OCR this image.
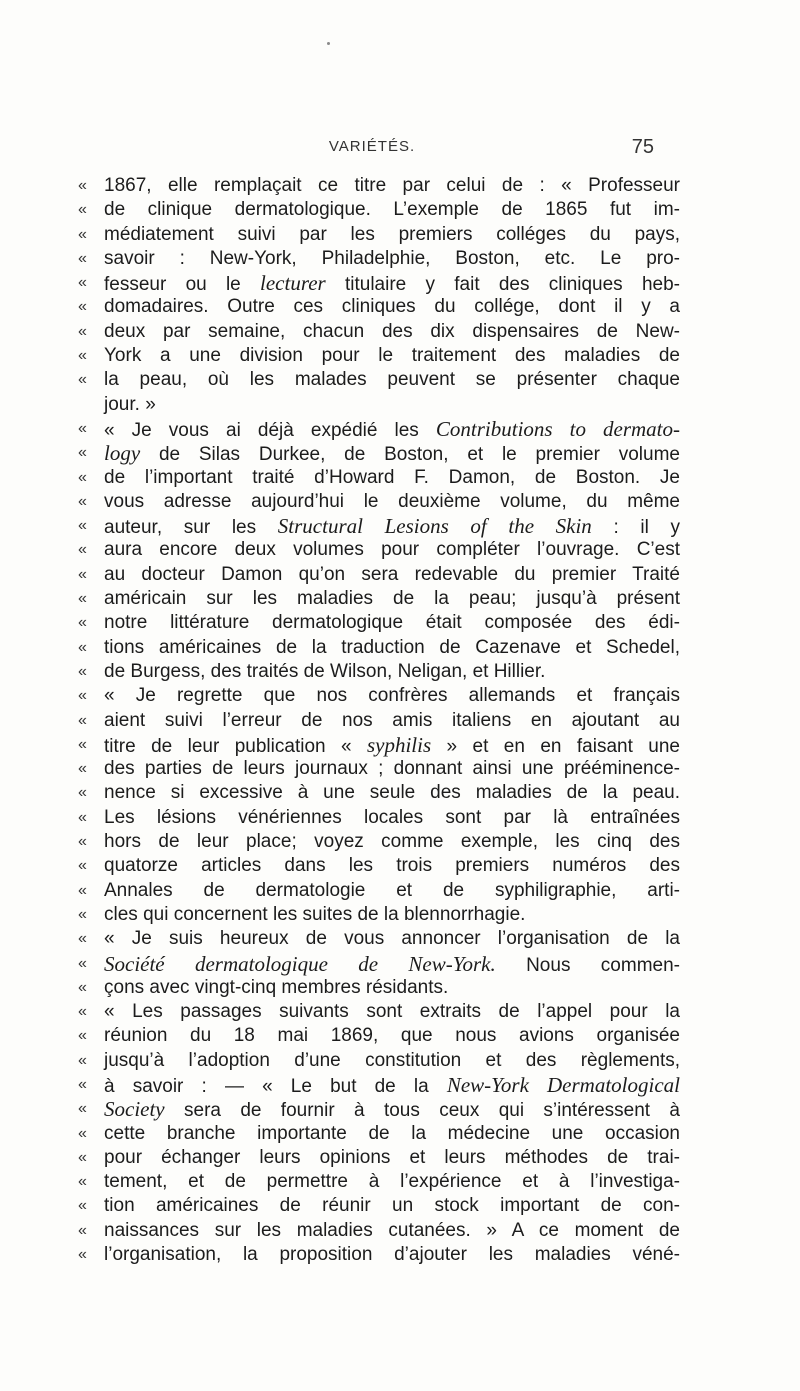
VARIÉTÉS.	75
« 1867, elle remplaçait ce titre par celui de : « Professeur
« de clinique dermatologique. L’exemple de 1865 fut im-
« médiatement suivi par les premiers colléges du pays,
« savoir : New-York, Philadelphie, Boston, etc. Le pro-
« fesseur ou le lecturer titulaire y fait des cliniques heb-
« domadaires. Outre ces cliniques du collége, dont il y a
« deux par semaine, chacun des dix dispensaires de New-
« York a une division pour le traitement des maladies de
« la peau, où les malades peuvent se présenter chaque
jour. »
« « Je vous ai déjà expédié les Contributions to dermato-
« logy de Silas Durkee, de Boston, et le premier volume
« de l’important traité d’Howard F. Damon, de Boston. Je
« vous adresse aujourd’hui le deuxième volume, du même
« auteur, sur les Structural Lesions of the Skin : il y
« aura encore deux volumes pour compléter l’ouvrage. C’est
« au docteur Damon qu’on sera redevable du premier Traité
« américain sur les maladies de la peau; jusqu’à présent
« notre littérature dermatologique était composée des édi-
« tions américaines de la traduction de Cazenave et Schedel,
« de Burgess, des traités de Wilson, Neligan, et Hillier.
« « Je regrette que nos confrères allemands et français
« aient suivi l’erreur de nos amis italiens en ajoutant au
« titre de leur publication « syphilis » et en en faisant une
« des parties de leurs journaux ; donnant ainsi une prééminence-
« nence si excessive à une seule des maladies de la peau.
« Les lésions vénériennes locales sont par là entraînées
« hors de leur place; voyez comme exemple, les cinq des
« quatorze articles dans les trois premiers numéros des
« Annales de dermatologie et de syphiligraphie, arti-
« cles qui concernent les suites de la blennorrhagie.
« « Je suis heureux de vous annoncer l’organisation de la
« Société dermatologique de New-York. Nous commen-
« çons avec vingt-cinq membres résidants.
« « Les passages suivants sont extraits de l’appel pour la
« réunion du 18 mai 1869, que nous avions organisée
« jusqu’à l’adoption d’une constitution et des règlements,
« à savoir : — « Le but de la New-York Dermatological
« Society sera de fournir à tous ceux qui s’intéressent à
« cette branche importante de la médecine une occasion
« pour échanger leurs opinions et leurs méthodes de trai-
« tement, et de permettre à l’expérience et à l’investiga-
« tion américaines de réunir un stock important de con-
« naissances sur les maladies cutanées. » A ce moment de
« l’organisation, la proposition d’ajouter les maladies véné-
